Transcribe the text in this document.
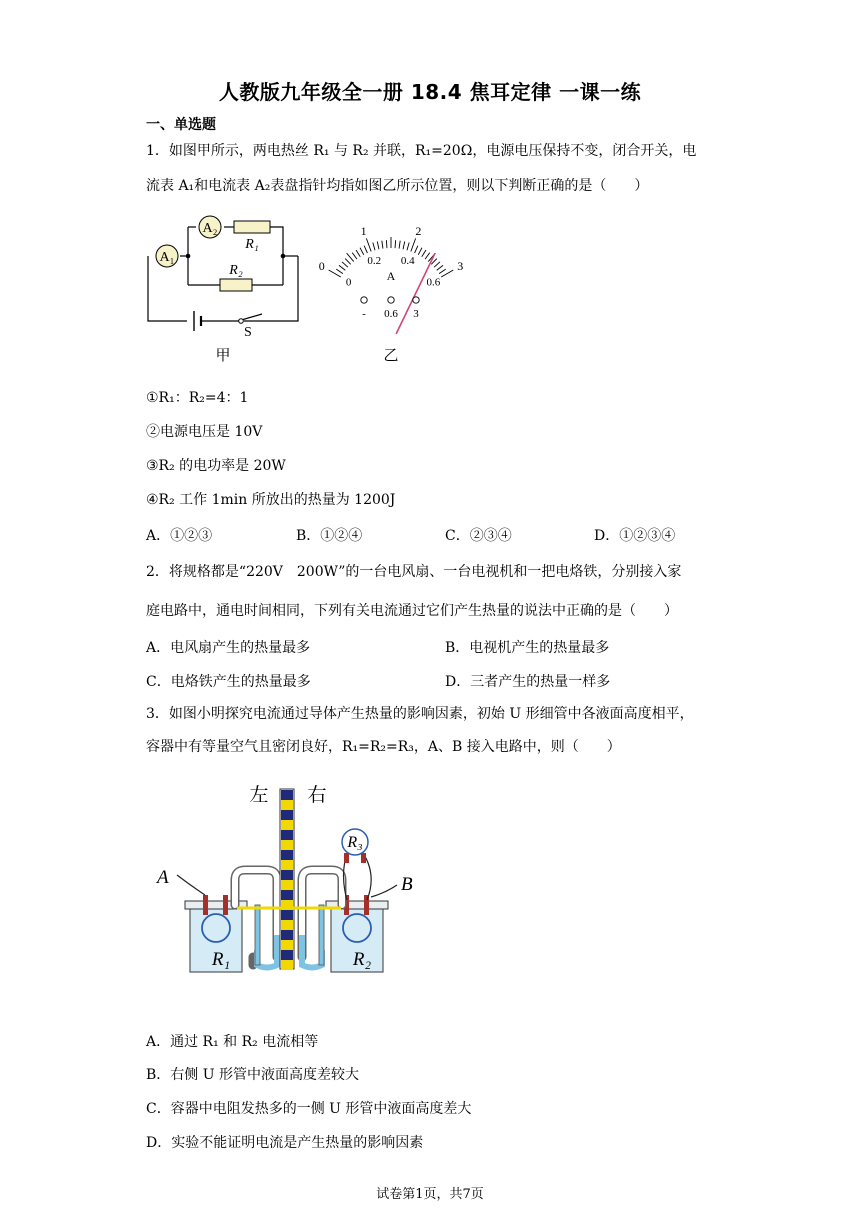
人教版九年级全一册 18.4 焦耳定律 一课一练
一、单选题
1．如图甲所示，两电热丝 R₁ 与 R₂ 并联，R₁=20Ω，电源电压保持不变，闭合开关，电
流表 A₁和电流表 A₂表盘指针均指如图乙所示位置，则以下判断正确的是（　　）
A₁
A₂
R₁
R₂
S
甲
0
1	2
3
0
0.2 0.4
0.6
A
- 0.6 3
乙
①R₁：R₂=4：1
②电源电压是 10V
③R₂ 的电功率是 20W
④R₂ 工作 1min 所放出的热量为 1200J
A．①②③	B．①②④	C．②③④	D．①②③④
2．将规格都是“220V　200W”的一台电风扇、一台电视机和一把电烙铁，分别接入家
庭电路中，通电时间相同，下列有关电流通过它们产生热量的说法中正确的是（　　）
A．电风扇产生的热量最多	B．电视机产生的热量最多
C．电烙铁产生的热量最多	D．三者产生的热量一样多
3．如图小明探究电流通过导体产生热量的影响因素，初始 U 形细管中各液面高度相平，
容器中有等量空气且密闭良好，R₁=R₂=R₃，A、B 接入电路中，则（　　）
左 右
R₃
A	B
R₁	R₂
A．通过 R₁ 和 R₂ 电流相等
B．右侧 U 形管中液面高度差较大
C．容器中电阻发热多的一侧 U 形管中液面高度差大
D．实验不能证明电流是产生热量的影响因素
试卷第1页，共7页
